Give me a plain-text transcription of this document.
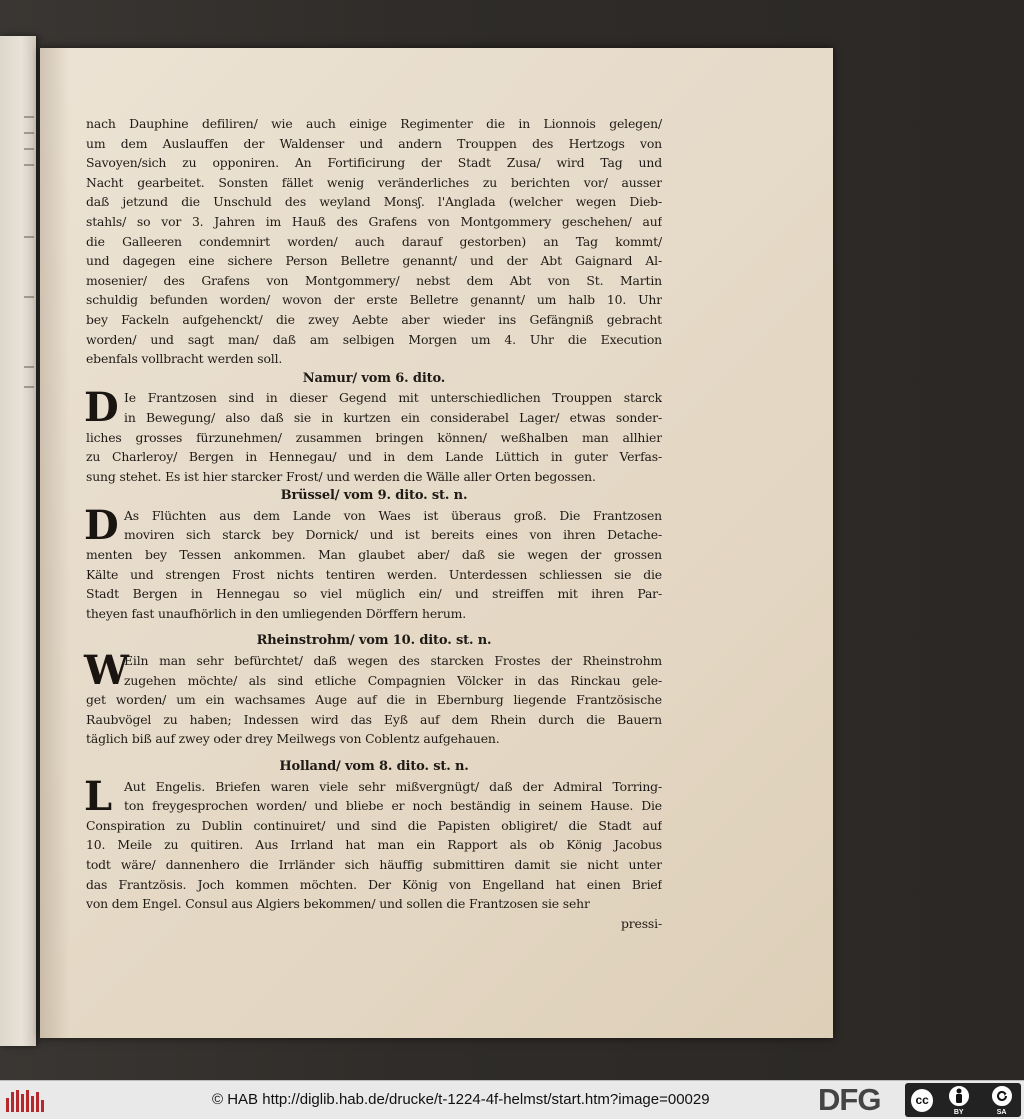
nach Dauphine defiliren/ wie auch einige Regimenter die in Lionnois gelegen/
um dem Auslauffen der Waldenser und andern Trouppen des Hertzogs von
Savoyen/sich zu opponiren. An Fortificirung der Stadt Zusa/ wird Tag und
Nacht gearbeitet. Sonsten fället wenig veränderliches zu berichten vor/ ausser
daß jetzund die Unschuld des weyland Monsʃ. l'Anglada (welcher wegen Dieb-
stahls/ so vor 3. Jahren im Hauß des Grafens von Montgommery geschehen/ auf
die Galleeren condemnirt worden/ auch darauf gestorben) an Tag kommt/
und dagegen eine sichere Person Belletre genannt/ und der Abt Gaignard Al-
mosenier/ des Grafens von Montgommery/ nebst dem Abt von St. Martin
schuldig befunden worden/ wovon der erste Belletre genannt/ um halb 10. Uhr
bey Fackeln aufgehenckt/ die zwey Aebte aber wieder ins Gefängniß gebracht
worden/ und sagt man/ daß am selbigen Morgen um 4. Uhr die Execution
ebenfals vollbracht werden soll.
Namur/ vom 6. dito.
D Ie Frantzosen sind in dieser Gegend mit unterschiedlichen Trouppen starck
in Bewegung/ also daß sie in kurtzen ein considerabel Lager/ etwas sonder-
liches grosses fürzunehmen/ zusammen bringen können/ weßhalben man allhier
zu Charleroy/ Bergen in Hennegau/ und in dem Lande Lüttich in guter Verfas-
sung stehet. Es ist hier starcker Frost/ und werden die Wälle aller Orten begossen.
Brüssel/ vom 9. dito. st. n.
D As Flüchten aus dem Lande von Waes ist überaus groß. Die Frantzosen
moviren sich starck bey Dornick/ und ist bereits eines von ihren Detache-
menten bey Tessen ankommen. Man glaubet aber/ daß sie wegen der grossen
Kälte und strengen Frost nichts tentiren werden. Unterdessen schliessen sie die
Stadt Bergen in Hennegau so viel müglich ein/ und streiffen mit ihren Par-
theyen fast unaufhörlich in den umliegenden Dörffern herum.
Rheinstrohm/ vom 10. dito. st. n.
W
Eiln man sehr befürchtet/ daß wegen des starcken Frostes der Rheinstrohm
zugehen möchte/ als sind etliche Compagnien Völcker in das Rinckau gele-
get worden/ um ein wachsames Auge auf die in Ebernburg liegende Frantzösische
Raubvögel zu haben; Indessen wird das Eyß auf dem Rhein durch die Bauern
täglich biß auf zwey oder drey Meilwegs von Coblentz aufgehauen.
Holland/ vom 8. dito. st. n.
L Aut Engelis. Briefen waren viele sehr mißvergnügt/ daß der Admiral Torring-
ton freygesprochen worden/ und bliebe er noch beständig in seinem Hause. Die
Conspiration zu Dublin continuiret/ und sind die Papisten obligiret/ die Stadt auf
10. Meile zu quitiren. Aus Irrland hat man ein Rapport als ob König Jacobus
todt wäre/ dannenhero die Irrländer sich häuffig submittiren damit sie nicht unter
das Frantzösis. Joch kommen möchten. Der König von Engelland hat einen Brief
von dem Engel. Consul aus Algiers bekommen/ und sollen die Frantzosen sie sehr
pressi-
© HAB http://diglib.hab.de/drucke/t-1224-4f-helmst/start.htm?image=00029	DFG	cc
BY	SA
